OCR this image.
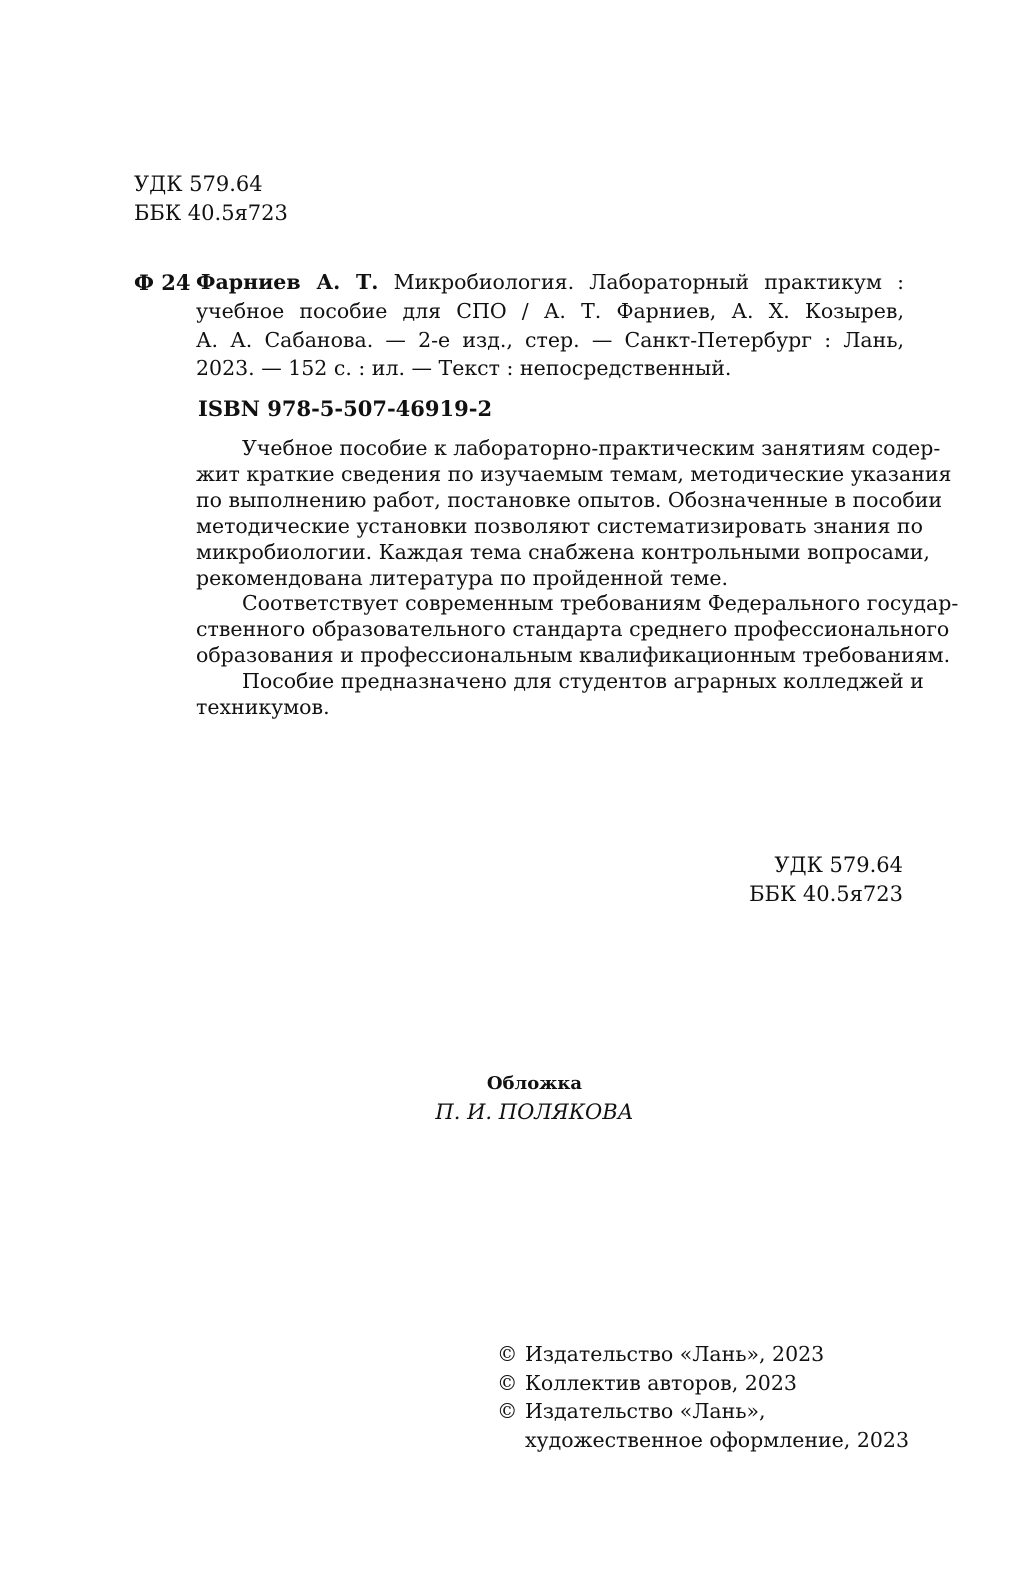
УДК 579.64
ББК 40.5я723
Ф 24 Фарниев А. Т. Микробиология. Лабораторный практикум :
учебное пособие для СПО / А. Т. Фарниев, А. Х. Козырев,
А. А. Сабанова. — 2-е изд., стер. — Санкт-Петербург : Лань,
2023. — 152 с. : ил. — Текст : непосредственный.
ISBN 978-5-507-46919-2
Учебное пособие к лабораторно-практическим занятиям содер-
жит краткие сведения по изучаемым темам, методические указания
по выполнению работ, постановке опытов. Обозначенные в пособии
методические установки позволяют систематизировать знания по
микробиологии. Каждая тема снабжена контрольными вопросами,
рекомендована литература по пройденной теме.
Соответствует современным требованиям Федерального государ-
ственного образовательного стандарта среднего профессионального
образования и профессиональным квалификационным требованиям.
Пособие предназначено для студентов аграрных колледжей и
техникумов.
УДК 579.64
ББК 40.5я723
Обложка
П. И. ПОЛЯКОВА
© Издательство «Лань», 2023
© Коллектив авторов, 2023
© Издательство «Лань»,
художественное оформление, 2023
